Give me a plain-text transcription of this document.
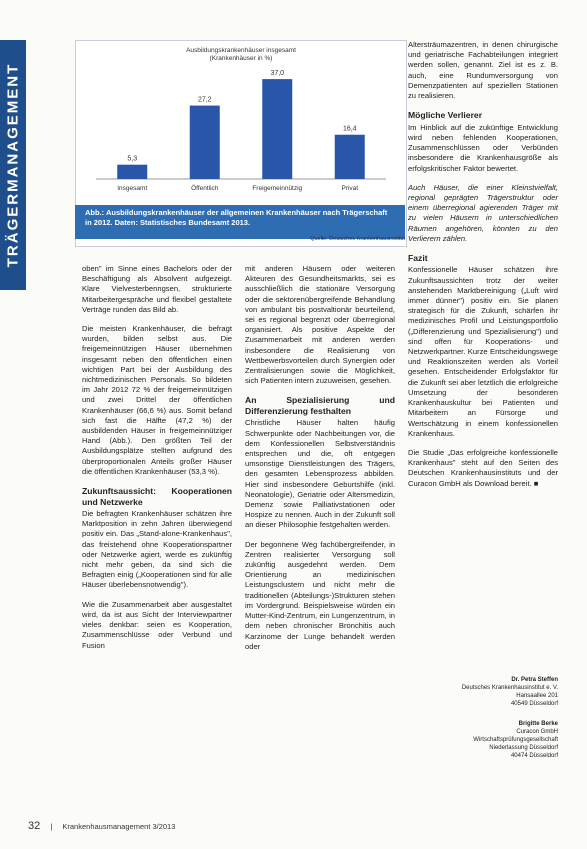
TRÄGERMANAGEMENT
Ausbildungskrankenhäuser insgesamt
(Krankenhäuser in %)
5,3
Insgesamt
27,2
Öffentlich
37,0
Freigemeinnützig
16,4
Privat
Abb.: Ausbildungskrankenhäuser der allgemeinen Krankenhäuser nach Trägerschaft in 2012. Daten: Statistisches Bundesamt 2013.
Quelle: Deutsches Krankenhausinstitut

oben" im Sinne eines Bachelors oder der Beschäftigung als Absolvent aufgezeigt. Klare Vielvesterbenngsen, strukturierte Mitarbeitergespräche und flexibel gestaltete Verträge runden das Bild ab.

Die meisten Krankenhäuser, die befragt wurden, bilden selbst aus. Die freigemeinnützigen Häuser übernehmen insgesamt neben den öffentlichen einen wichtigen Part bei der Ausbildung des nichtmedizinischen Personals. So bildeten im Jahr 2012 72 % der freigemeinnützigen und zwei Drittel der öffentlichen Krankenhäuser (66,6 %) aus. Somit befand sich fast die Hälfte (47,2 %) der ausbildenden Häuser in freigemeinnütziger Hand (Abb.). Den größten Teil der Ausbildungsplätze stellten aufgrund des überproportionalen Anteils großer Häuser die öffentlichen Krankenhäuser (53,3 %).

Zukunftsaussicht: Kooperationen und Netzwerke

Die befragten Krankenhäuser schätzen ihre Marktposition in zehn Jahren überwiegend positiv ein. Das „Stand-alone-Krankenhaus", das freistehend ohne Kooperationspartner oder Netzwerke agiert, werde es zukünftig nicht mehr geben, da sind sich die Befragten einig („Kooperationen sind für alle Häuser überlebensnotwendig").

Wie die Zusammenarbeit aber ausgestaltet wird, da ist aus Sicht der Interviewpartner vieles denkbar: seien es Kooperation, Zusammenschlüsse oder Verbund und Fusion

mit anderen Häusern oder weiteren Akteuren des Gesundheitsmarkts, sei es ausschließlich die stationäre Versorgung oder die sektorenübergreifende Behandlung von ambulant bis postvaltionär beurteilend, sei es regional begrenzt oder überregional organisiert. Als positive Aspekte der Zusammenarbeit mit anderen werden insbesondere die Realisierung von Wettbewerbsvorteilen durch Synergien oder Zentralisierungen sowie die Möglichkeit, sich Patienten intern zuzuweisen, gesehen.

An Spezialisierung und Differenzierung festhalten

Christliche Häuser halten häufig Schwerpunkte oder Nachbeitungen vor, die dem Konfessionellen Selbstverständnis entsprechen und die, oft entgegen umsonstige Dienstleistungen des Trägers, den gesamten Lebensprozess abbilden. Hier sind insbesondere Geburtshilfe (inkl. Neonatologie), Geriatrie oder Altersmedizin, Demenz sowie Palliativstationen oder Hospize zu nennen. Auch in der Zukunft soll an dieser Philosophie festgehalten werden.

Der begonnene Weg fachübergreifender, in Zentren realisierter Versorgung soll zukünftig ausgedehnt werden. Dem Orientierung an medizinischen Leistungsclustern und nicht mehr die traditionellen (Abteilungs-)Strukturen stehen im Vordergrund. Beispielsweise würden ein Mutter-Kind-Zentrum, ein Lungenzentrum, in dem neben chronischer Bronchitis auch Karzinome der Lunge behandelt werden oder

Altersträumazentren, in denen chirurgische und geriatrische Fachabteilungen integriert werden sollen, genannt. Ziel ist es z. B. auch, eine Rundumversorgung von Demenzpatienten auf speziellen Stationen zu realisieren.

Mögliche Verlierer

Im Hinblick auf die zukünftige Entwicklung wird neben fehlenden Kooperationen, Zusammenschlüssen oder Verbünden insbesondere die Krankenhausgröße als erfolgskritischer Faktor bewertet.

Auch Häuser, die einer Kleinstvielfalt, regional geprägten Trägerstruktur oder einem überregional agierenden Träger mit zu vielen Häusern in unterschiedlichen Räumen angehören, könnten zu den Verlierern zählen.

Fazit

Konfessionelle Häuser schätzen ihre Zukunftsaussichten trotz der weiter anstehenden Marktbereinigung („Luft wird immer dünner") positiv ein. Sie planen strategisch für die Zukunft, schärfen ihr medizinisches Profil und Leistungsportfolio („Differenzierung und Spezialisierung") und sind offen für Kooperations- und Netzwerkpartner. Kurze Entscheidungswege und Reaktionszeiten werden als Vorteil gesehen. Entscheidender Erfolgsfaktor für die Zukunft sei aber letztlich die erfolgreiche Umsetzung der besonderen Krankenhauskultur bei Patienten und Mitarbeitern an Fürsorge und Wertschätzung in einem konfessionellen Krankenhaus.

Die Studie „Das erfolgreiche konfessionelle Krankenhaus" steht auf den Seiten des Deutschen Krankenhausinstituts und der Curacon GmbH als Download bereit. ■

Dr. Petra Steffen
Deutsches Krankenhausinstitut e. V.
Hansaallee 201
40549 Düsseldorf
Brigitte Berke
Curacon GmbH
Wirtschaftsprüfungsgesellschaft
Niederlassung Düsseldorf
40474 Düsseldorf
32 | Krankenhausmanagement 3/2013
